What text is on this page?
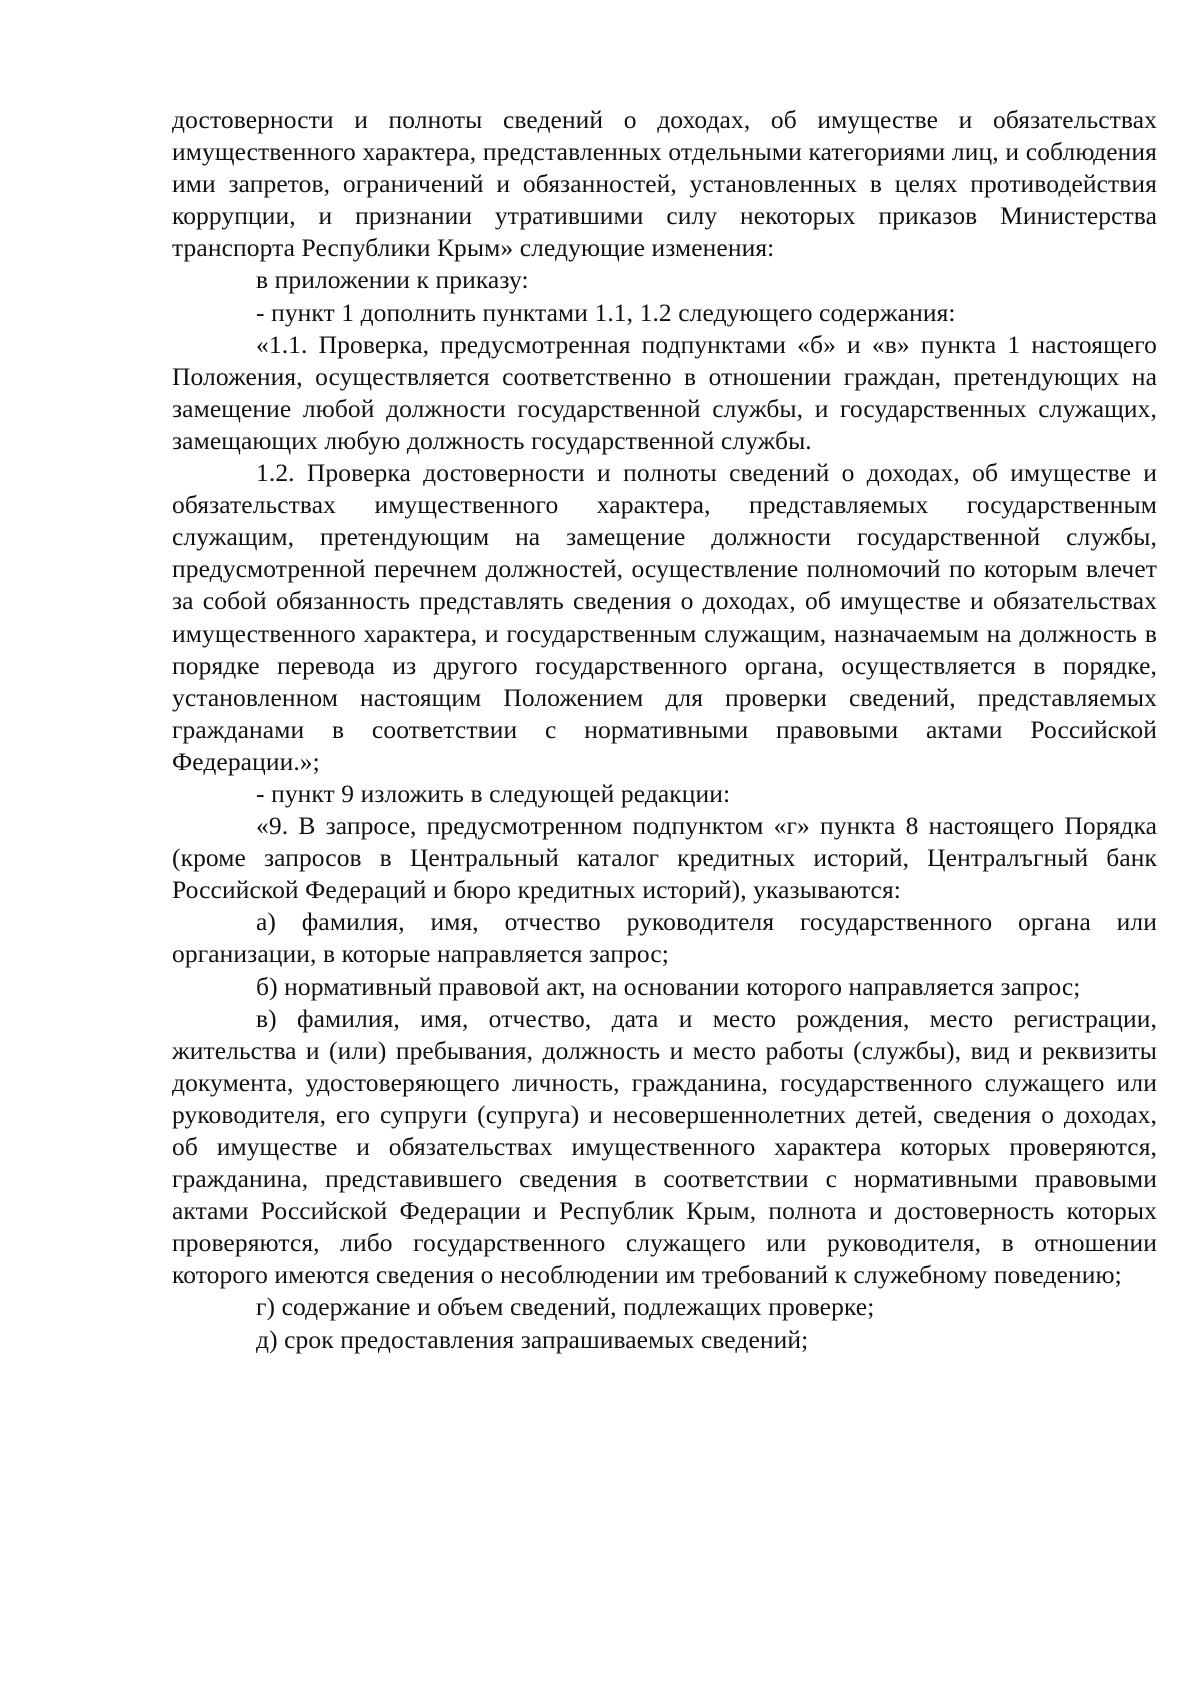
достоверности и полноты сведений о доходах, об имуществе и обязательствах имущественного характера, представленных отдельными категориями лиц, и соблюдения ими запретов, ограничений и обязанностей, установленных в целях противодействия коррупции, и признании утратившими силу некоторых приказов Министерства транспорта Республики Крым» следующие изменения:

в приложении к приказу:

- пункт 1 дополнить пунктами 1.1, 1.2 следующего содержания:

«1.1. Проверка, предусмотренная подпунктами «б» и «в» пункта 1 настоящего Положения, осуществляется соответственно в отношении граждан, претендующих на замещение любой должности государственной службы, и государственных служащих, замещающих любую должность государственной службы.

1.2. Проверка достоверности и полноты сведений о доходах, об имуществе и обязательствах имущественного характера, представляемых государственным служащим, претендующим на замещение должности государственной службы, предусмотренной перечнем должностей, осуществление полномочий по которым влечет за собой обязанность представлять сведения о доходах, об имуществе и обязательствах имущественного характера, и государственным служащим, назначаемым на должность в порядке перевода из другого государственного органа, осуществляется в порядке, установленном настоящим Положением для проверки сведений, представляемых гражданами в соответствии с нормативными правовыми актами Российской Федерации.»;

- пункт 9 изложить в следующей редакции:

«9. В запросе, предусмотренном подпунктом «г» пункта 8 настоящего Порядка (кроме запросов в Центральный каталог кредитных историй, Централъгный банк Российской Федераций и бюро кредитных историй), указываются:

а) фамилия, имя, отчество руководителя государственного органа или организации, в которые направляется запрос;

б) нормативный правовой акт, на основании которого направляется запрос;

в) фамилия, имя, отчество, дата и место рождения, место регистрации, жительства и (или) пребывания, должность и место работы (службы), вид и реквизиты документа, удостоверяющего личность, гражданина, государственного служащего или руководителя, его супруги (супруга) и несовершеннолетних детей, сведения о доходах, об имуществе и обязательствах имущественного характера которых проверяются, гражданина, представившего сведения в соответствии с нормативными правовыми актами Российской Федерации и Республик Крым, полнота и достоверность которых проверяются, либо государственного служащего или руководителя, в отношении которого имеются сведения о несоблюдении им требований к служебному поведению;

г) содержание и объем сведений, подлежащих проверке;

д) срок предоставления запрашиваемых сведений;
